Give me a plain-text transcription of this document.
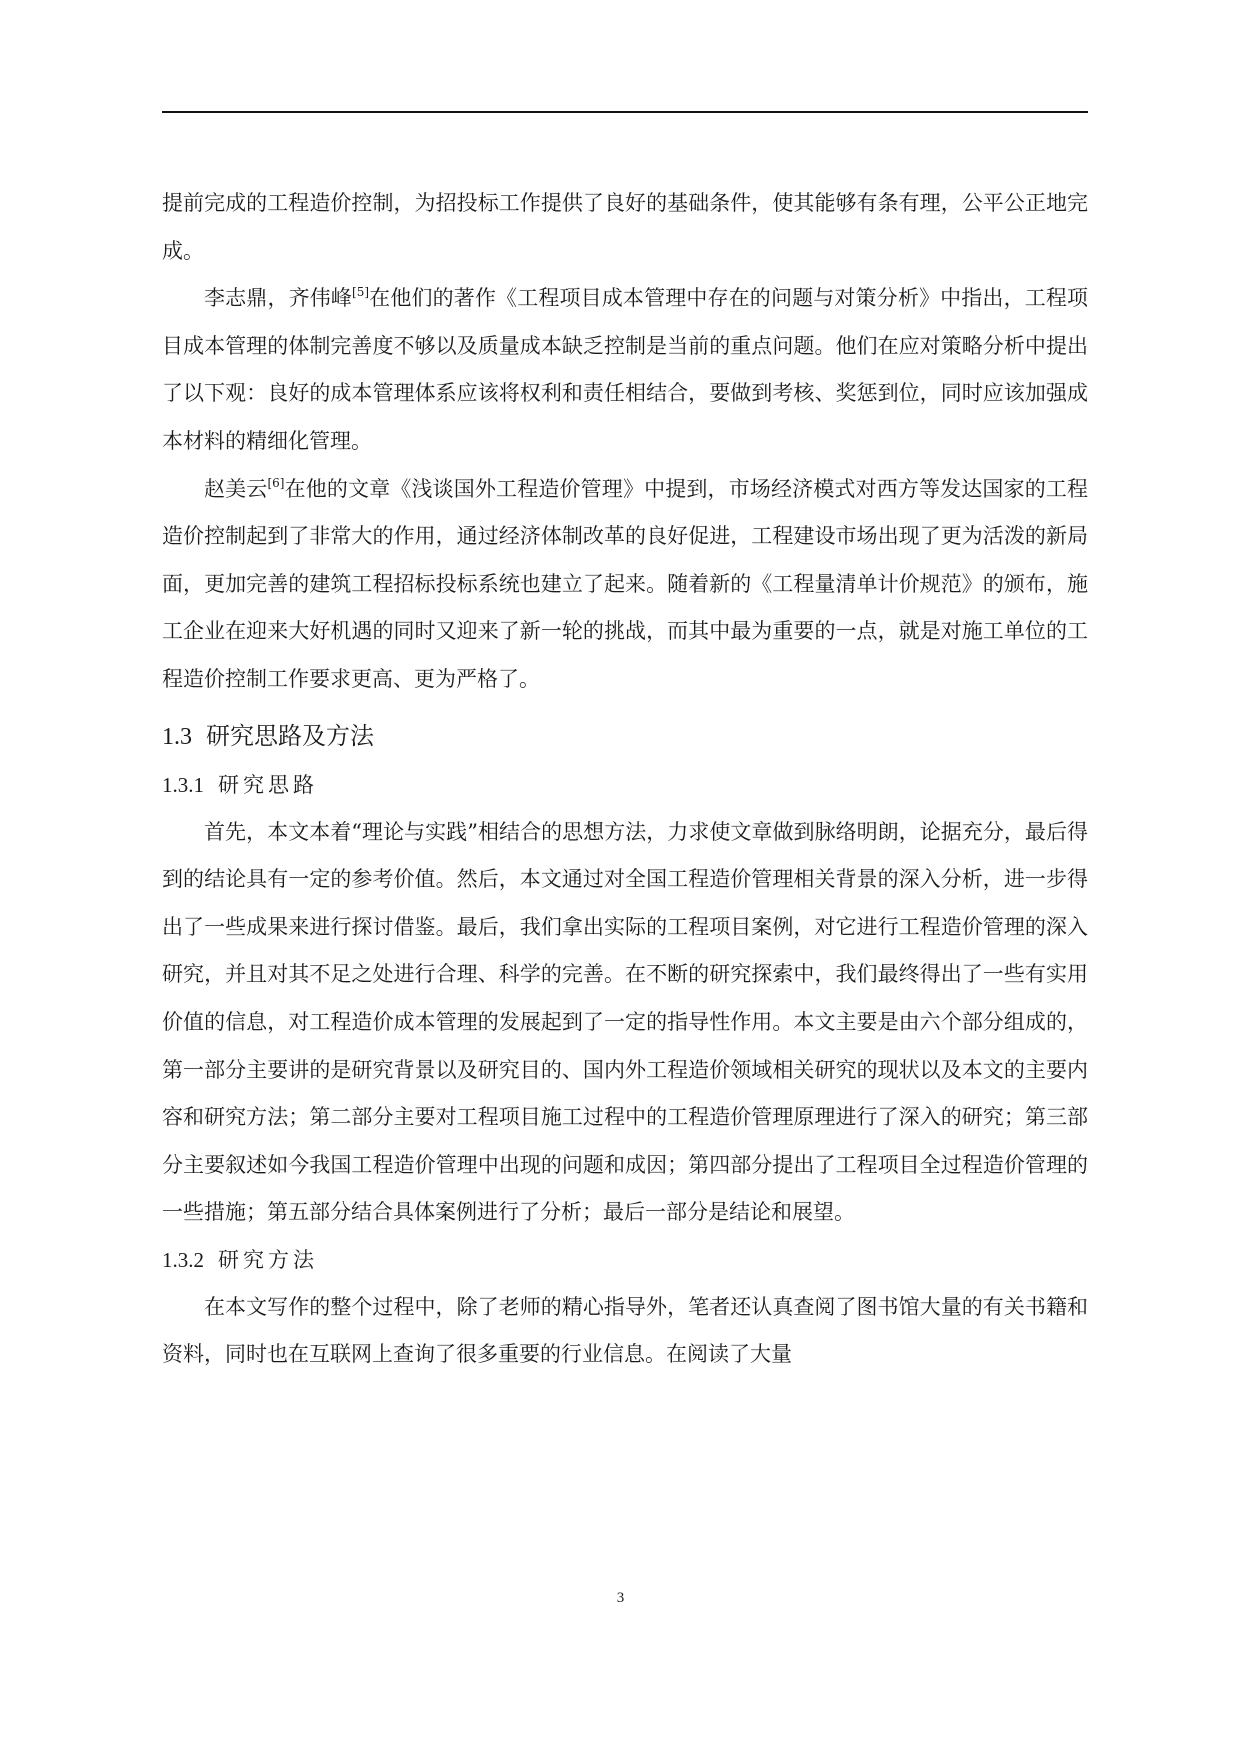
提前完成的工程造价控制，为招投标工作提供了良好的基础条件，使其能够有条有理，公平公正地完成。

李志鼎，齐伟峰[5]在他们的著作《工程项目成本管理中存在的问题与对策分析》中指出，工程项目成本管理的体制完善度不够以及质量成本缺乏控制是当前的重点问题。他们在应对策略分析中提出了以下观：良好的成本管理体系应该将权利和责任相结合，要做到考核、奖惩到位，同时应该加强成本材料的精细化管理。

赵美云[6]在他的文章《浅谈国外工程造价管理》中提到，市场经济模式对西方等发达国家的工程造价控制起到了非常大的作用，通过经济体制改革的良好促进，工程建设市场出现了更为活泼的新局面，更加完善的建筑工程招标投标系统也建立了起来。随着新的《工程量清单计价规范》的颁布，施工企业在迎来大好机遇的同时又迎来了新一轮的挑战，而其中最为重要的一点，就是对施工单位的工程造价控制工作要求更高、更为严格了。

1.3 研究思路及方法
1.3.1 研究思路

首先，本文本着“理论与实践”相结合的思想方法，力求使文章做到脉络明朗，论据充分，最后得到的结论具有一定的参考价值。然后，本文通过对全国工程造价管理相关背景的深入分析，进一步得出了一些成果来进行探讨借鉴。最后，我们拿出实际的工程项目案例，对它进行工程造价管理的深入研究，并且对其不足之处进行合理、科学的完善。在不断的研究探索中，我们最终得出了一些有实用价值的信息，对工程造价成本管理的发展起到了一定的指导性作用。本文主要是由六个部分组成的，第一部分主要讲的是研究背景以及研究目的、国内外工程造价领域相关研究的现状以及本文的主要内容和研究方法；第二部分主要对工程项目施工过程中的工程造价管理原理进行了深入的研究；第三部分主要叙述如今我国工程造价管理中出现的问题和成因；第四部分提出了工程项目全过程造价管理的一些措施；第五部分结合具体案例进行了分析；最后一部分是结论和展望。

1.3.2 研究方法

在本文写作的整个过程中，除了老师的精心指导外，笔者还认真查阅了图书馆大量的有关书籍和资料，同时也在互联网上查询了很多重要的行业信息。在阅读了大量

3
